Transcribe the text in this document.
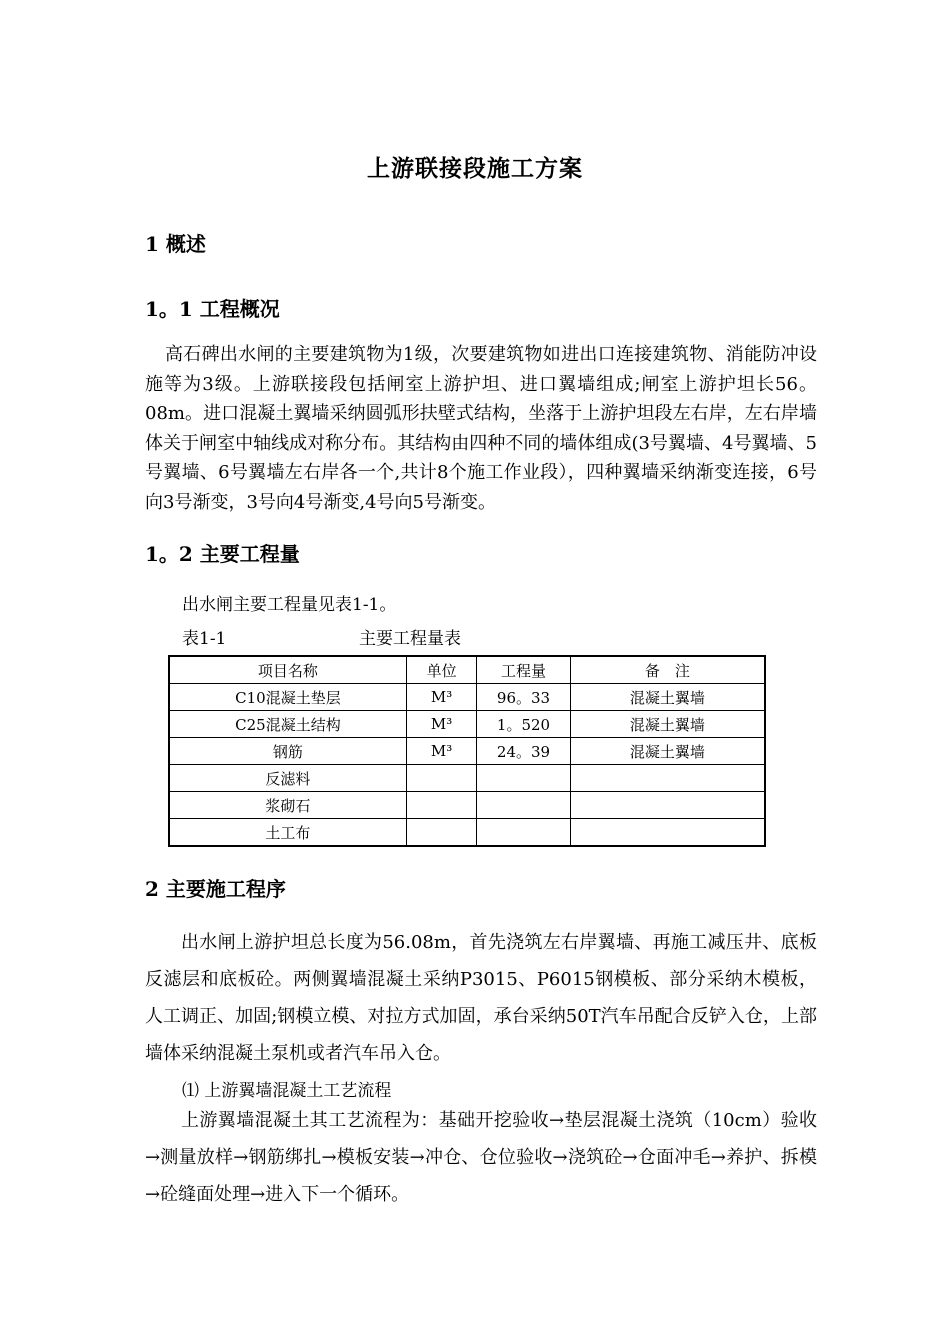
上游联接段施工方案
1 概述
1。1 工程概况
高石碑出水闸的主要建筑物为1级，次要建筑物如进出口连接建筑物、消能防冲设施等为3级。上游联接段包括闸室上游护坦、进口翼墙组成;闸室上游护坦长56。08m。进口混凝土翼墙采纳圆弧形扶壁式结构，坐落于上游护坦段左右岸，左右岸墙体关于闸室中轴线成对称分布。其结构由四种不同的墙体组成(3号翼墙、4号翼墙、5号翼墙、6号翼墙左右岸各一个,共计8个施工作业段），四种翼墙采纳渐变连接，6号向3号渐变，3号向4号渐变,4号向5号渐变。
1。2 主要工程量
出水闸主要工程量见表1-1。
表1-1	主要工程量表
项目名称	单位	工程量	备　注
C10混凝土垫层	M³	96。33	混凝土翼墙
C25混凝土结构	M³	1。520	混凝土翼墙
钢筋	M³	24。39	混凝土翼墙
反滤料			
浆砌石			
土工布			
2 主要施工程序
出水闸上游护坦总长度为56.08m，首先浇筑左右岸翼墙、再施工减压井、底板反滤层和底板砼。两侧翼墙混凝土采纳P3015、P6015钢模板、部分采纳木模板，人工调正、加固;钢模立模、对拉方式加固，承台采纳50T汽车吊配合反铲入仓，上部墙体采纳混凝土泵机或者汽车吊入仓。
⑴ 上游翼墙混凝土工艺流程
上游翼墙混凝土其工艺流程为：基础开挖验收→垫层混凝土浇筑（10cm）验收→测量放样→钢筋绑扎→模板安装→冲仓、仓位验收→浇筑砼→仓面冲毛→养护、拆模→砼缝面处理→进入下一个循环。
